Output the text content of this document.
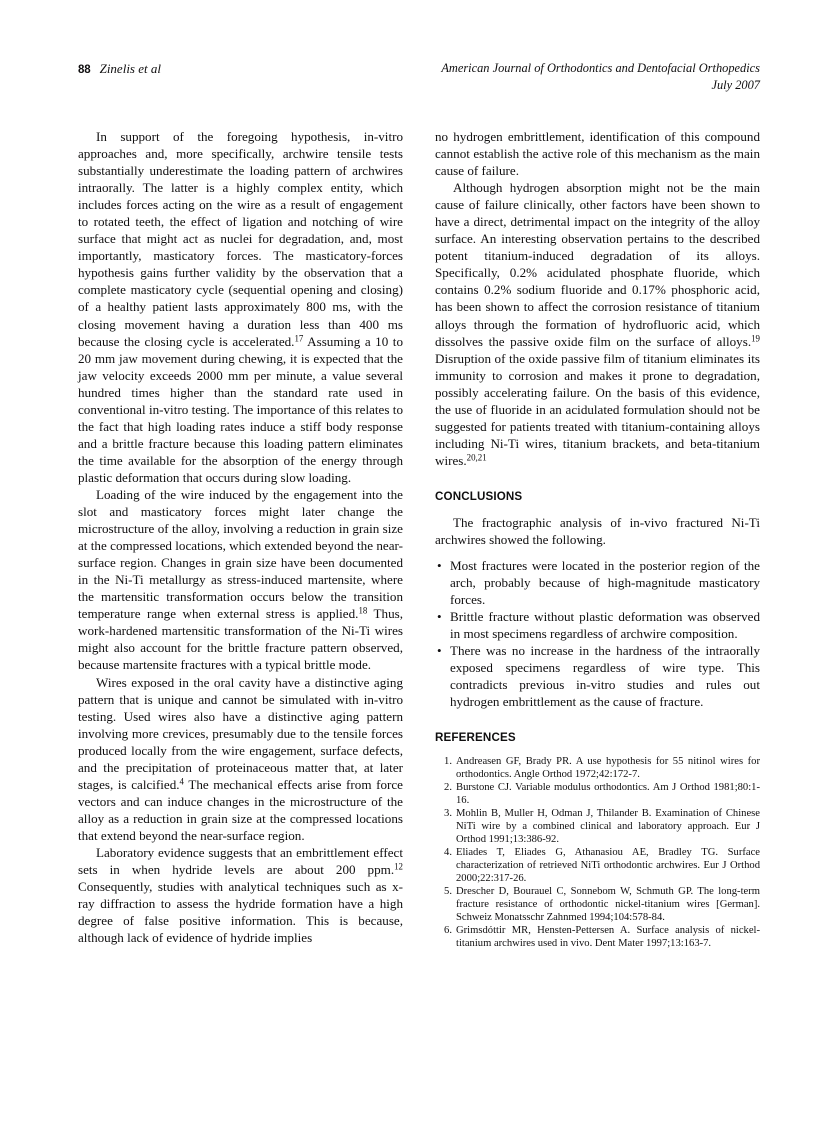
88 Zinelis et al	American Journal of Orthodontics and Dentofacial Orthopedics
July 2007

In support of the foregoing hypothesis, in-vitro approaches and, more specifically, archwire tensile tests substantially underestimate the loading pattern of archwires intraorally. The latter is a highly complex entity, which includes forces acting on the wire as a result of engagement to rotated teeth, the effect of ligation and notching of wire surface that might act as nuclei for degradation, and, most importantly, masticatory forces. The masticatory-forces hypothesis gains further validity by the observation that a complete masticatory cycle (sequential opening and closing) of a healthy patient lasts approximately 800 ms, with the closing movement having a duration less than 400 ms because the closing cycle is accelerated.$^{17}$ Assuming a 10 to 20 mm jaw movement during chewing, it is expected that the jaw velocity exceeds 2000 mm per minute, a value several hundred times higher than the standard rate used in conventional in-vitro testing. The importance of this relates to the fact that high loading rates induce a stiff body response and a brittle fracture because this loading pattern eliminates the time available for the absorption of the energy through plastic deformation that occurs during slow loading.

Loading of the wire induced by the engagement into the slot and masticatory forces might later change the microstructure of the alloy, involving a reduction in grain size at the compressed locations, which extended beyond the near-surface region. Changes in grain size have been documented in the Ni-Ti metallurgy as stress-induced martensite, where the martensitic transformation occurs below the transition temperature range when external stress is applied.$^{18}$ Thus, work-hardened martensitic transformation of the Ni-Ti wires might also account for the brittle fracture pattern observed, because martensite fractures with a typical brittle mode.

Wires exposed in the oral cavity have a distinctive aging pattern that is unique and cannot be simulated with in-vitro testing. Used wires also have a distinctive aging pattern involving more crevices, presumably due to the tensile forces produced locally from the wire engagement, surface defects, and the precipitation of proteinaceous matter that, at later stages, is calcified.$^4$ The mechanical effects arise from force vectors and can induce changes in the microstructure of the alloy as a reduction in grain size at the compressed locations that extend beyond the near-surface region.

Laboratory evidence suggests that an embrittlement effect sets in when hydride levels are about 200 ppm.$^{12}$ Consequently, studies with analytical techniques such as x-ray diffraction to assess the hydride formation have a high degree of false positive information. This is because, although lack of evidence of hydride implies

no hydrogen embrittlement, identification of this compound cannot establish the active role of this mechanism as the main cause of failure.

Although hydrogen absorption might not be the main cause of failure clinically, other factors have been shown to have a direct, detrimental impact on the integrity of the alloy surface. An interesting observation pertains to the described potent titanium-induced degradation of its alloys. Specifically, 0.2% acidulated phosphate fluoride, which contains 0.2% sodium fluoride and 0.17% phosphoric acid, has been shown to affect the corrosion resistance of titanium alloys through the formation of hydrofluoric acid, which dissolves the passive oxide film on the surface of alloys.$^{19}$ Disruption of the oxide passive film of titanium eliminates its immunity to corrosion and makes it prone to degradation, possibly accelerating failure. On the basis of this evidence, the use of fluoride in an acidulated formulation should not be suggested for patients treated with titanium-containing alloys including Ni-Ti wires, titanium brackets, and beta-titanium wires.$^{20,21}$

CONCLUSIONS

The fractographic analysis of in-vivo fractured Ni-Ti archwires showed the following.

• Most fractures were located in the posterior region of the arch, probably because of high-magnitude masticatory forces.
• Brittle fracture without plastic deformation was observed in most specimens regardless of archwire composition.
• There was no increase in the hardness of the intraorally exposed specimens regardless of wire type. This contradicts previous in-vitro studies and rules out hydrogen embrittlement as the cause of fracture.
REFERENCES
1. Andreasen GF, Brady PR. A use hypothesis for 55 nitinol wires for orthodontics. Angle Orthod 1972;42:172-7.
2. Burstone CJ. Variable modulus orthodontics. Am J Orthod 1981;80:1-16.
3. Mohlin B, Muller H, Odman J, Thilander B. Examination of Chinese NiTi wire by a combined clinical and laboratory approach. Eur J Orthod 1991;13:386-92.
4. Eliades T, Eliades G, Athanasiou AE, Bradley TG. Surface characterization of retrieved NiTi orthodontic archwires. Eur J Orthod 2000;22:317-26.
5. Drescher D, Bourauel C, Sonnebom W, Schmuth GP. The long-term fracture resistance of orthodontic nickel-titanium wires [German]. Schweiz Monatsschr Zahnmed 1994;104:578-84.
6. Grimsdóttir MR, Hensten-Pettersen A. Surface analysis of nickel-titanium archwires used in vivo. Dent Mater 1997;13:163-7.
